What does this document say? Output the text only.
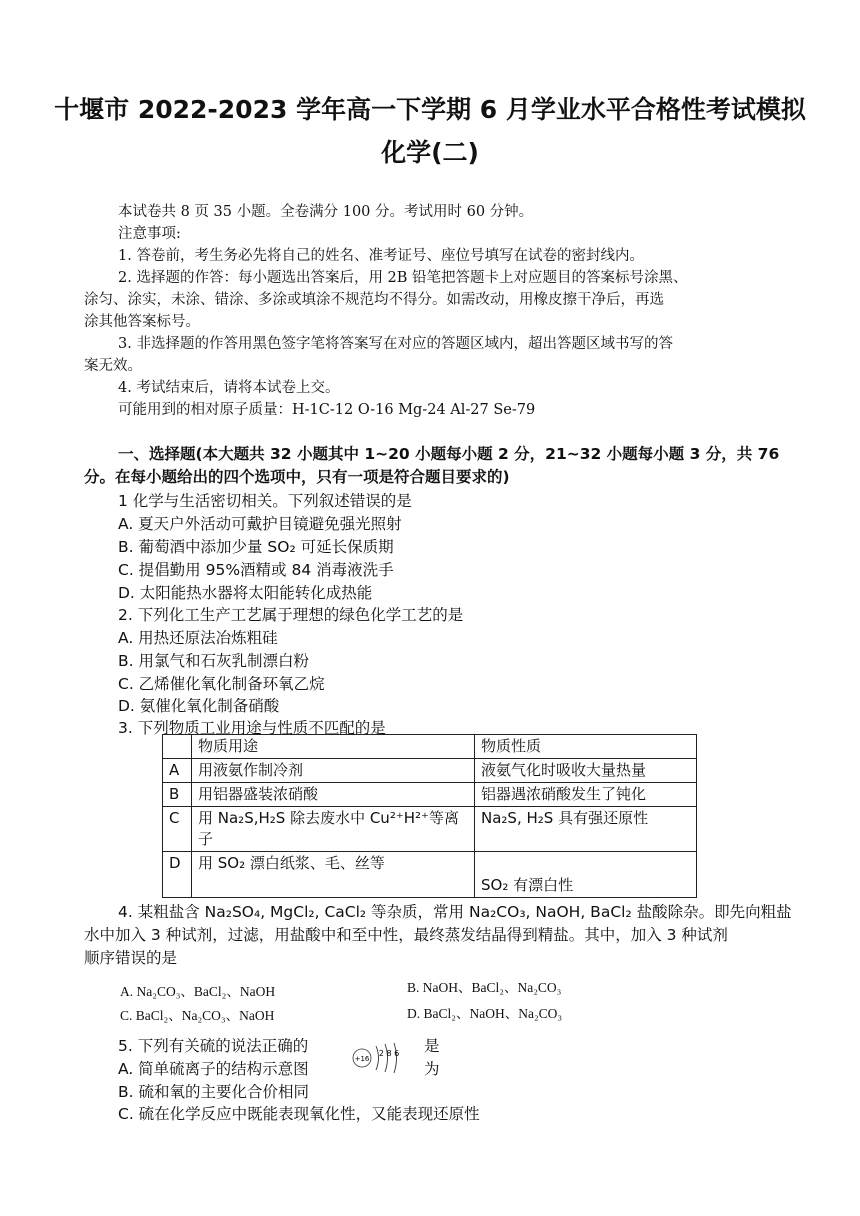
十堰市 2022-2023 学年高一下学期 6 月学业水平合格性考试模拟
化学(二)
本试卷共 8 页 35 小题。全卷满分 100 分。考试用时 60 分钟。
注意事项:
1. 答卷前，考生务必先将自己的姓名、准考证号、座位号填写在试卷的密封线内。
2. 选择题的作答：每小题选出答案后，用 2B 铅笔把答题卡上对应题目的答案标号涂黑、
涂匀、涂实，未涂、错涂、多涂或填涂不规范均不得分。如需改动，用橡皮擦干净后，再选
涂其他答案标号。
3. 非选择题的作答用黑色签字笔将答案写在对应的答题区域内，超出答题区域书写的答
案无效。
4. 考试结束后，请将本试卷上交。
可能用到的相对原子质量：H-1C-12 O-16 Mg-24 Al-27 Se-79
一、选择题(本大题共 32 小题其中 1~20 小题每小题 2 分，21~32 小题每小题 3 分，共 76
分。在每小题给出的四个选项中，只有一项是符合题目要求的)
1 化学与生活密切相关。下列叙述错误的是
A. 夏天户外活动可戴护目镜避免强光照射
B. 葡萄酒中添加少量 SO₂ 可延长保质期
C. 提倡勤用 95%酒精或 84 消毒液洗手
D. 太阳能热水器将太阳能转化成热能
2. 下列化工生产工艺属于理想的绿色化学工艺的是
A. 用热还原法冶炼粗硅
B. 用氯气和石灰乳制漂白粉
C. 乙烯催化氧化制备环氧乙烷
D. 氨催化氧化制备硝酸
3. 下列物质工业用途与性质不匹配的是
	物质用途	物质性质
A	用液氨作制冷剂	液氨气化时吸收大量热量
B	用铝器盛装浓硝酸	铝器遇浓硝酸发生了钝化
C	用 Na₂S,H₂S 除去废水中 Cu²⁺H²⁺等离子	Na₂S, H₂S 具有强还原性
D	用 SO₂ 漂白纸浆、毛、丝等	SO₂ 有漂白性
4. 某粗盐含 Na₂SO₄, MgCl₂, CaCl₂ 等杂质，常用 Na₂CO₃, NaOH, BaCl₂ 盐酸除杂。即先向粗盐
水中加入 3 种试剂，过滤，用盐酸中和至中性，最终蒸发结晶得到精盐。其中，加入 3 种试剂
顺序错误的是
A. Na₂CO₃、BaCl₂、NaOH	B. NaOH、BaCl₂、Na₂CO₃
C. BaCl₂、Na₂CO₃、NaOH	D. BaCl₂、NaOH、Na₂CO₃
5. 下列有关硫的说法正确的	是
+16
2 8 6
A. 简单硫离子的结构示意图	为
B. 硫和氧的主要化合价相同
C. 硫在化学反应中既能表现氧化性，又能表现还原性
